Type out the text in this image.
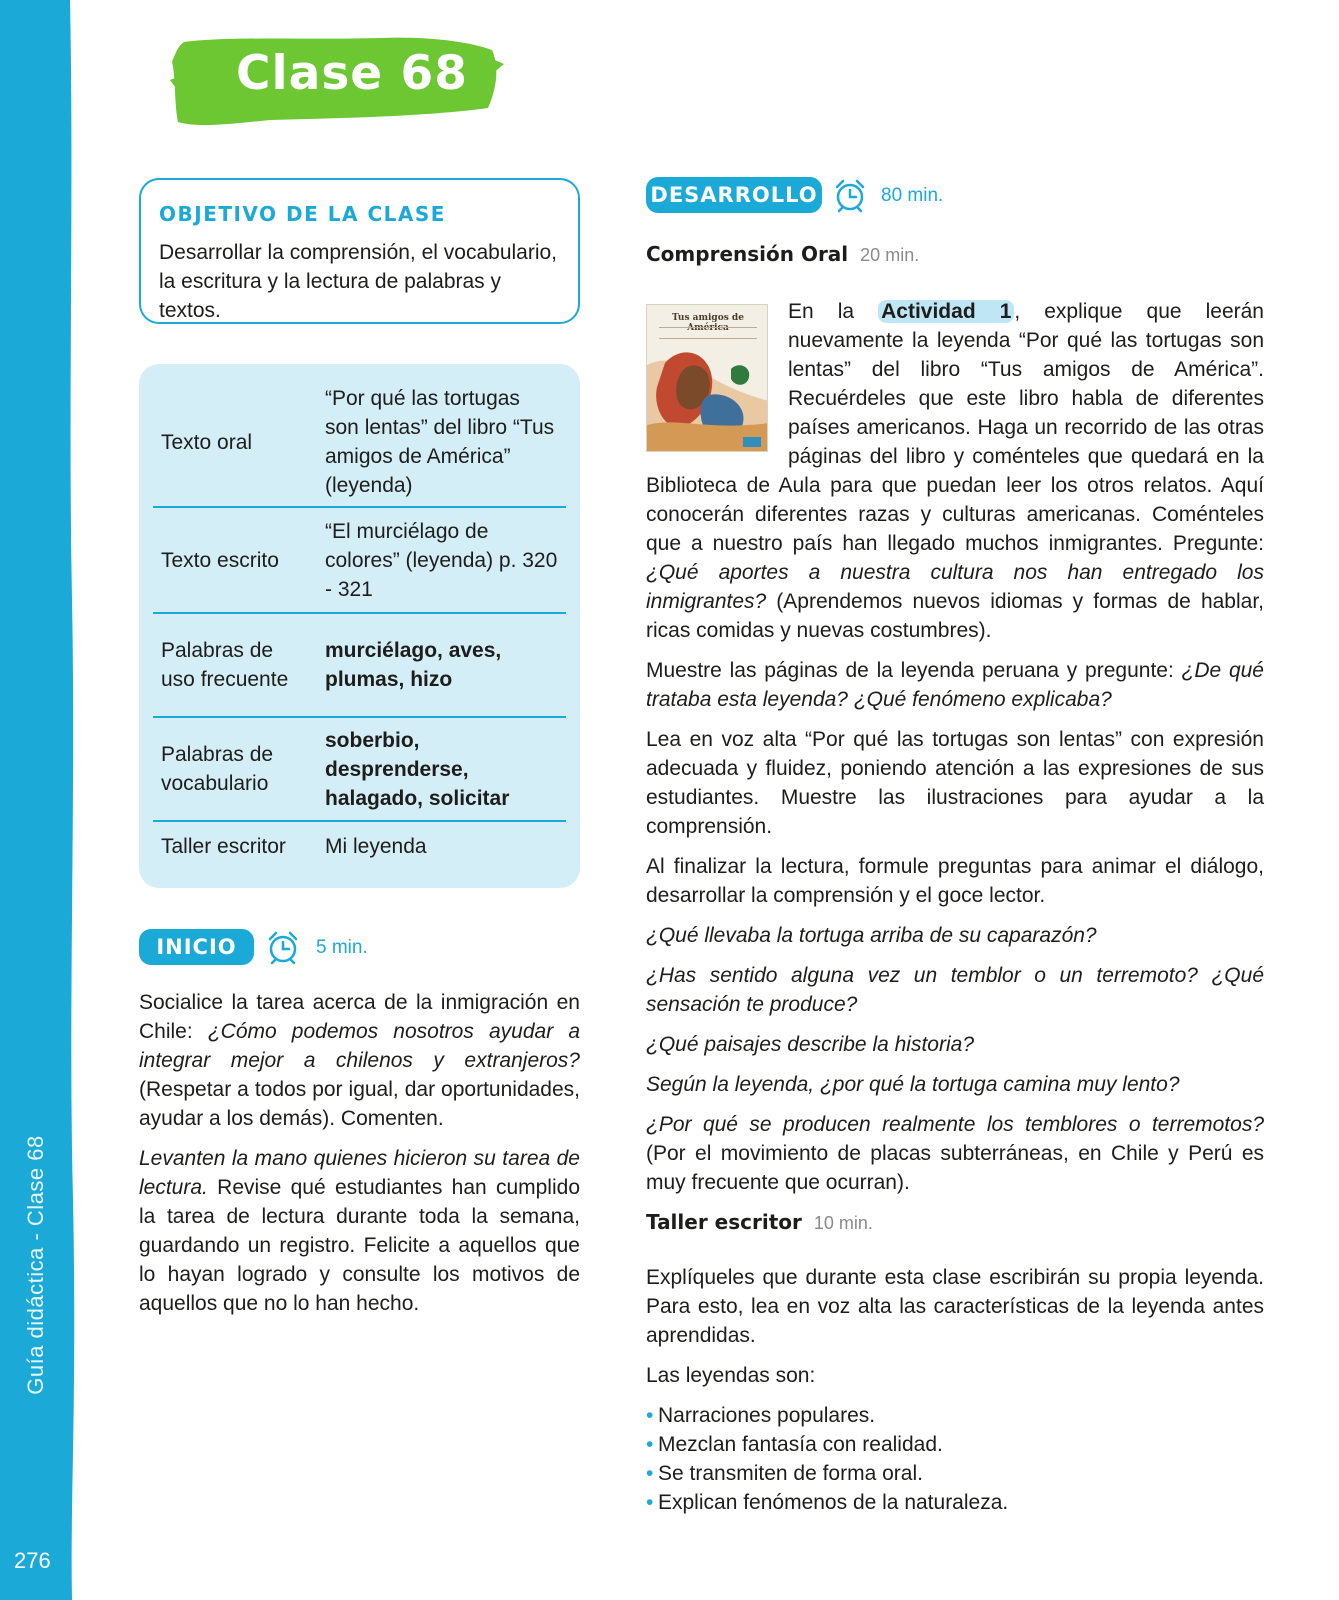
Guía didáctica - Clase 68
276
Clase 68
OBJETIVO DE LA CLASE

Desarrollar la comprensión, el vocabulario, la escritura y la lectura de palabras y textos.

Texto oral	“Por qué las tortugas son lentas” del libro “Tus amigos de América” (leyenda)
Texto escrito	“El murciélago de colores” (leyenda) p. 320 - 321
Palabras de uso frecuente	murciélago, aves, plumas, hizo
Palabras de vocabulario	soberbio, desprenderse, halagado, solicitar
Taller escritor	Mi leyenda
INICIO	5 min.

Socialice la tarea acerca de la inmigración en Chile: ¿Cómo podemos nosotros ayudar a integrar mejor a chilenos y extranjeros? (Respetar a todos por igual, dar oportunidades, ayudar a los demás). Comenten.

Levanten la mano quienes hicieron su tarea de lectura. Revise qué estudiantes han cumplido la tarea de lectura durante toda la semana, guardando un registro. Felicite a aquellos que lo hayan logrado y consulte los motivos de aquellos que no lo han hecho.

DESARROLLO	80 min.
Comprensión Oral 20 min.
Tus amigos de América

En la Actividad 1 , explique que leerán nuevamente la leyenda “Por qué las tortugas son lentas” del libro “Tus amigos de América”. Recuérdeles que este libro habla de diferentes países americanos. Haga un recorrido de las otras páginas del libro y coménteles que quedará en la Biblioteca de Aula para que puedan leer los otros relatos. Aquí conocerán diferentes razas y culturas americanas. Coménteles que a nuestro país han llegado muchos inmigrantes. Pregunte: ¿Qué aportes a nuestra cultura nos han entregado los inmigrantes? (Aprendemos nuevos idiomas y formas de hablar, ricas comidas y nuevas costumbres).

Muestre las páginas de la leyenda peruana y pregunte: ¿De qué trataba esta leyenda? ¿Qué fenómeno explicaba?

Lea en voz alta “Por qué las tortugas son lentas” con expresión adecuada y fluidez, poniendo atención a las expresiones de sus estudiantes. Muestre las ilustraciones para ayudar a la comprensión.

Al finalizar la lectura, formule preguntas para animar el diálogo, desarrollar la comprensión y el goce lector.

¿Qué llevaba la tortuga arriba de su caparazón?

¿Has sentido alguna vez un temblor o un terremoto? ¿Qué sensación te produce?

¿Qué paisajes describe la historia?

Según la leyenda, ¿por qué la tortuga camina muy lento?

¿Por qué se producen realmente los temblores o terremotos? (Por el movimiento de placas subterráneas, en Chile y Perú es muy frecuente que ocurran).

Taller escritor 10 min.

Explíqueles que durante esta clase escribirán su propia leyenda. Para esto, lea en voz alta las características de la leyenda antes aprendidas.

Las leyendas son:

• Narraciones populares.
• Mezclan fantasía con realidad.
• Se transmiten de forma oral.
• Explican fenómenos de la naturaleza.
